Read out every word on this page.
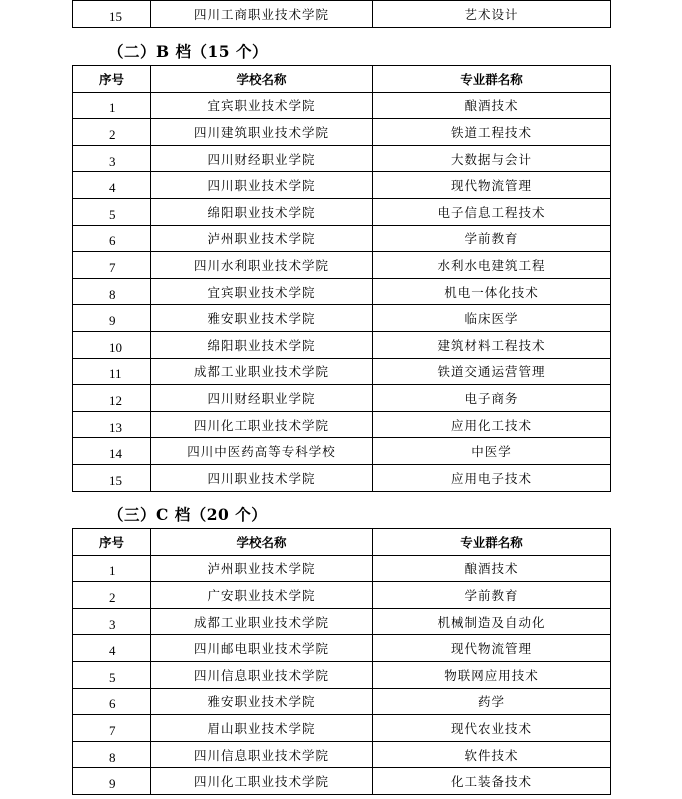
15	四川工商职业技术学院	艺术设计
（二）B 档（15 个）
序号	学校名称	专业群名称
1	宜宾职业技术学院	酿酒技术
2	四川建筑职业技术学院	铁道工程技术
3	四川财经职业学院	大数据与会计
4	四川职业技术学院	现代物流管理
5	绵阳职业技术学院	电子信息工程技术
6	泸州职业技术学院	学前教育
7	四川水利职业技术学院	水利水电建筑工程
8	宜宾职业技术学院	机电一体化技术
9	雅安职业技术学院	临床医学
10	绵阳职业技术学院	建筑材料工程技术
11	成都工业职业技术学院	铁道交通运营管理
12	四川财经职业学院	电子商务
13	四川化工职业技术学院	应用化工技术
14	四川中医药高等专科学校	中医学
15	四川职业技术学院	应用电子技术
（三）C 档（20 个）
序号	学校名称	专业群名称
1	泸州职业技术学院	酿酒技术
2	广安职业技术学院	学前教育
3	成都工业职业技术学院	机械制造及自动化
4	四川邮电职业技术学院	现代物流管理
5	四川信息职业技术学院	物联网应用技术
6	雅安职业技术学院	药学
7	眉山职业技术学院	现代农业技术
8	四川信息职业技术学院	软件技术
9	四川化工职业技术学院	化工装备技术
